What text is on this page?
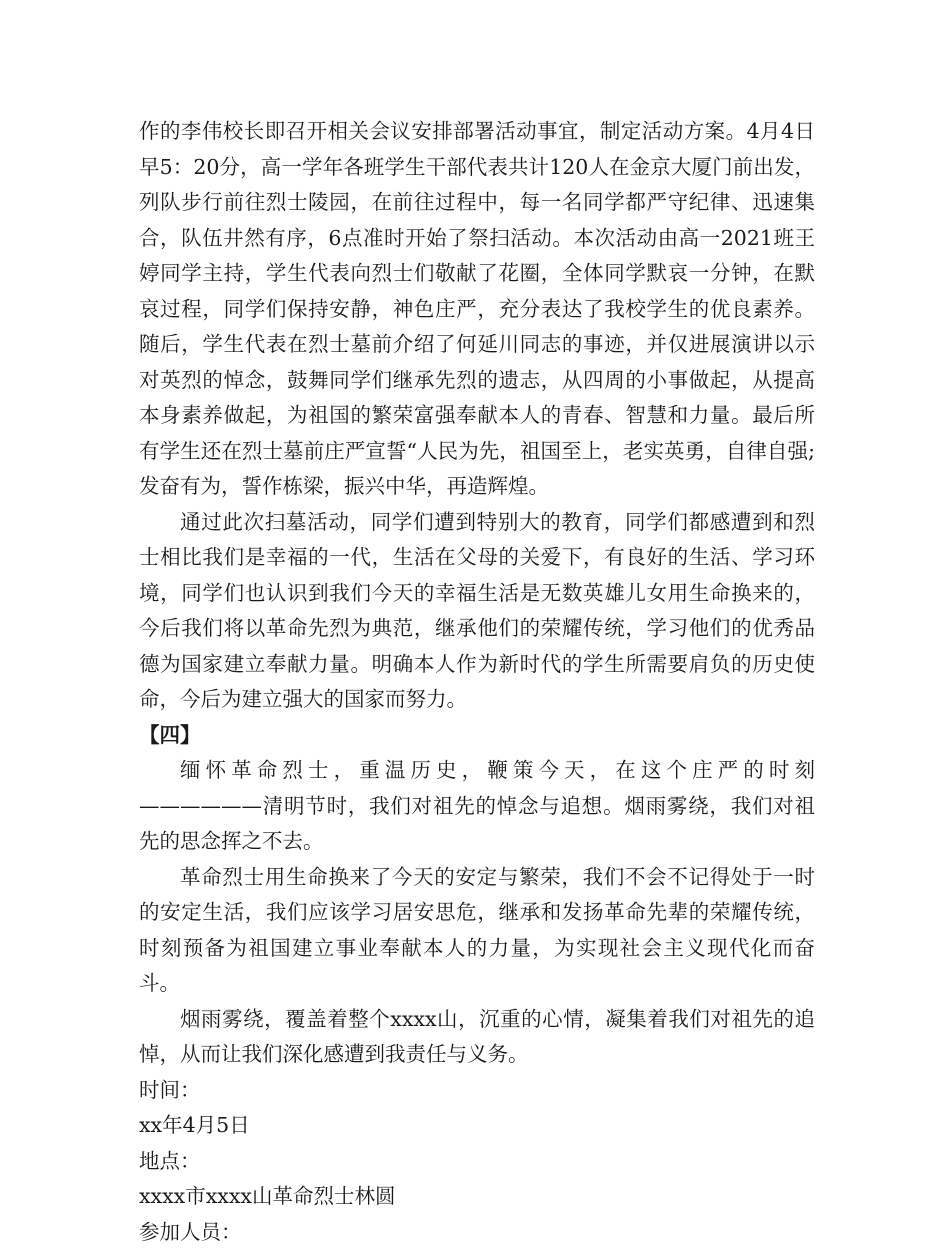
作的李伟校长即召开相关会议安排部署活动事宜，制定活动方案。4月4日早5：20分，高一学年各班学生干部代表共计120人在金京大厦门前出发，列队步行前往烈士陵园，在前往过程中，每一名同学都严守纪律、迅速集合，队伍井然有序，6点准时开始了祭扫活动。本次活动由高一2021班王婷同学主持，学生代表向烈士们敬献了花圈，全体同学默哀一分钟，在默哀过程，同学们保持安静，神色庄严，充分表达了我校学生的优良素养。随后，学生代表在烈士墓前介绍了何延川同志的事迹，并仅进展演讲以示对英烈的悼念，鼓舞同学们继承先烈的遗志，从四周的小事做起，从提高本身素养做起，为祖国的繁荣富强奉献本人的青春、智慧和力量。最后所有学生还在烈士墓前庄严宣誓“人民为先，祖国至上，老实英勇，自律自强;发奋有为，誓作栋梁，振兴中华，再造辉煌。

通过此次扫墓活动，同学们遭到特别大的教育，同学们都感遭到和烈士相比我们是幸福的一代，生活在父母的关爱下，有良好的生活、学习环境，同学们也认识到我们今天的幸福生活是无数英雄儿女用生命换来的，今后我们将以革命先烈为典范，继承他们的荣耀传统，学习他们的优秀品德为国家建立奉献力量。明确本人作为新时代的学生所需要肩负的历史使命，今后为建立强大的国家而努力。

【四】

缅怀革命烈士，重温历史，鞭策今天，在这个庄严的时刻——————清明节时，我们对祖先的悼念与追想。烟雨雾绕，我们对祖先的思念挥之不去。

革命烈士用生命换来了今天的安定与繁荣，我们不会不记得处于一时的安定生活，我们应该学习居安思危，继承和发扬革命先辈的荣耀传统，时刻预备为祖国建立事业奉献本人的力量，为实现社会主义现代化而奋斗。

烟雨雾绕，覆盖着整个xxxx山，沉重的心情，凝集着我们对祖先的追悼，从而让我们深化感遭到我责任与义务。

时间：

xx年4月5日

地点：

xxxx市xxxx山革命烈士林圆

参加人员：
